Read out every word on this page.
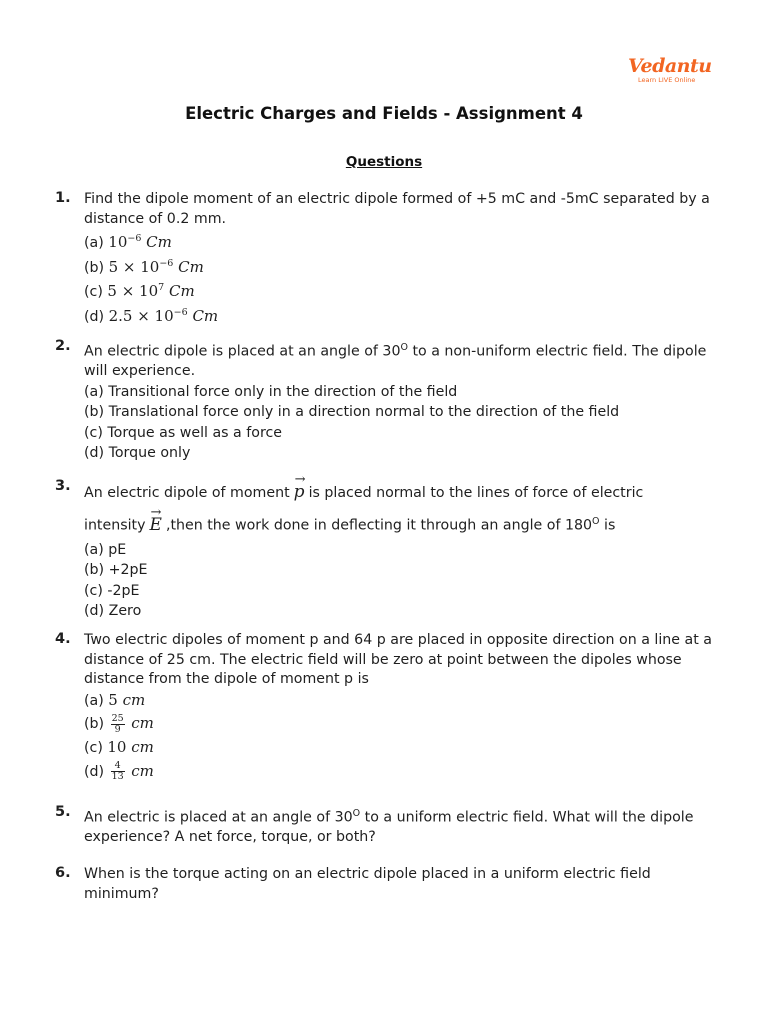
Vedantu
Learn LIVE Online
Electric Charges and Fields - Assignment 4
Questions
1. Find the dipole moment of an electric dipole formed of +5 mC and -5mC separated by a distance of 0.2 mm.
(a) $10^{-6}$ Cm
(b) $5 \times 10^{-6}$ Cm
(c) $5 \times 10^7$ Cm
(d) $2.5 \times 10^{-6}$ Cm
2. An electric dipole is placed at an angle of $30^O$ to a non-uniform electric field. The dipole will experience.
(a) Transitional force only in the direction of the field
(b) Translational force only in a direction normal to the direction of the field
(c) Torque as well as a force
(d) Torque only
3. An electric dipole of moment → p is placed normal to the lines of force of electric
intensity → E ,then the work done in deflecting it through an angle of $180^O$ is
(a) pE
(b) +2pE
(c) -2pE
(d) Zero
4. Two electric dipoles of moment p and 64 p are placed in opposite direction on a line at a distance of 25 cm. The electric field will be zero at point between the dipoles whose distance from the dipole of moment p is
(a) 5 cm
$(b) \frac{25}{9}$ cm
(c) 10 cm
$(d) \frac{4}{13}$ cm
5. An electric is placed at an angle of $30^O$ to a uniform electric field. What will the dipole experience? A net force, torque, or both?
6. When is the torque acting on an electric dipole placed in a uniform electric field minimum?
